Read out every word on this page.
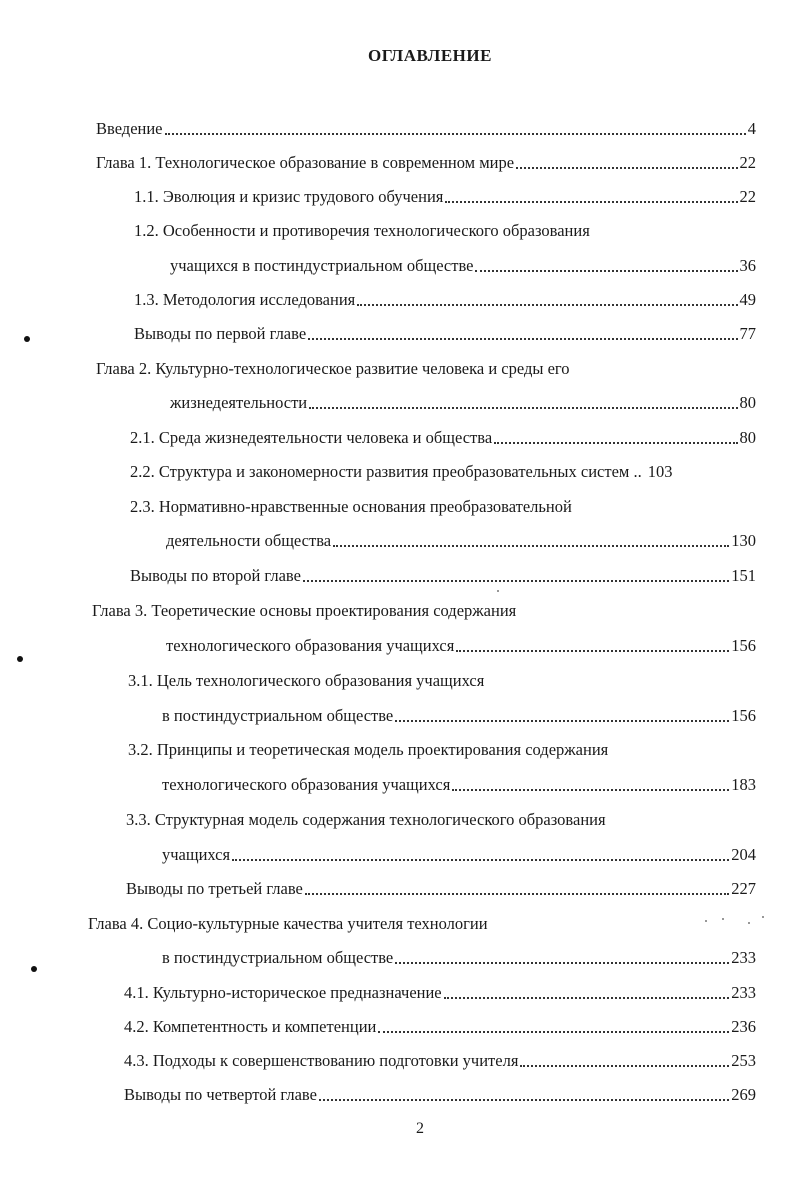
ОГЛАВЛЕНИЕ
Введение	4
Глава 1. Технологическое образование в современном мире	22
1.1. Эволюция и кризис трудового обучения	22
1.2. Особенности и противоречия технологического образования
учащихся в постиндустриальном обществе	36
1.3. Методология исследования	49
Выводы по первой главе	77
Глава 2. Культурно-технологическое развитие человека и среды его
жизнедеятельности	80
2.1. Среда жизнедеятельности человека и общества	80
2.2. Структура и закономерности развития преобразовательных систем .. 103
2.3. Нормативно-нравственные основания преобразовательной
деятельности общества	130
Выводы по второй главе	151
Глава 3. Теоретические основы проектирования содержания
технологического образования учащихся	156
3.1. Цель технологического образования учащихся
в постиндустриальном обществе	156
3.2. Принципы и теоретическая модель проектирования содержания
технологического образования учащихся	183
3.3. Структурная модель содержания технологического образования
учащихся	204
Выводы по третьей главе	227
Глава 4. Социо-культурные качества учителя технологии
в постиндустриальном обществе	233
4.1. Культурно-историческое предназначение	233
4.2. Компетентность и компетенции	236
4.3. Подходы к совершенствованию подготовки учителя	253
Выводы по четвертой главе	269
2
